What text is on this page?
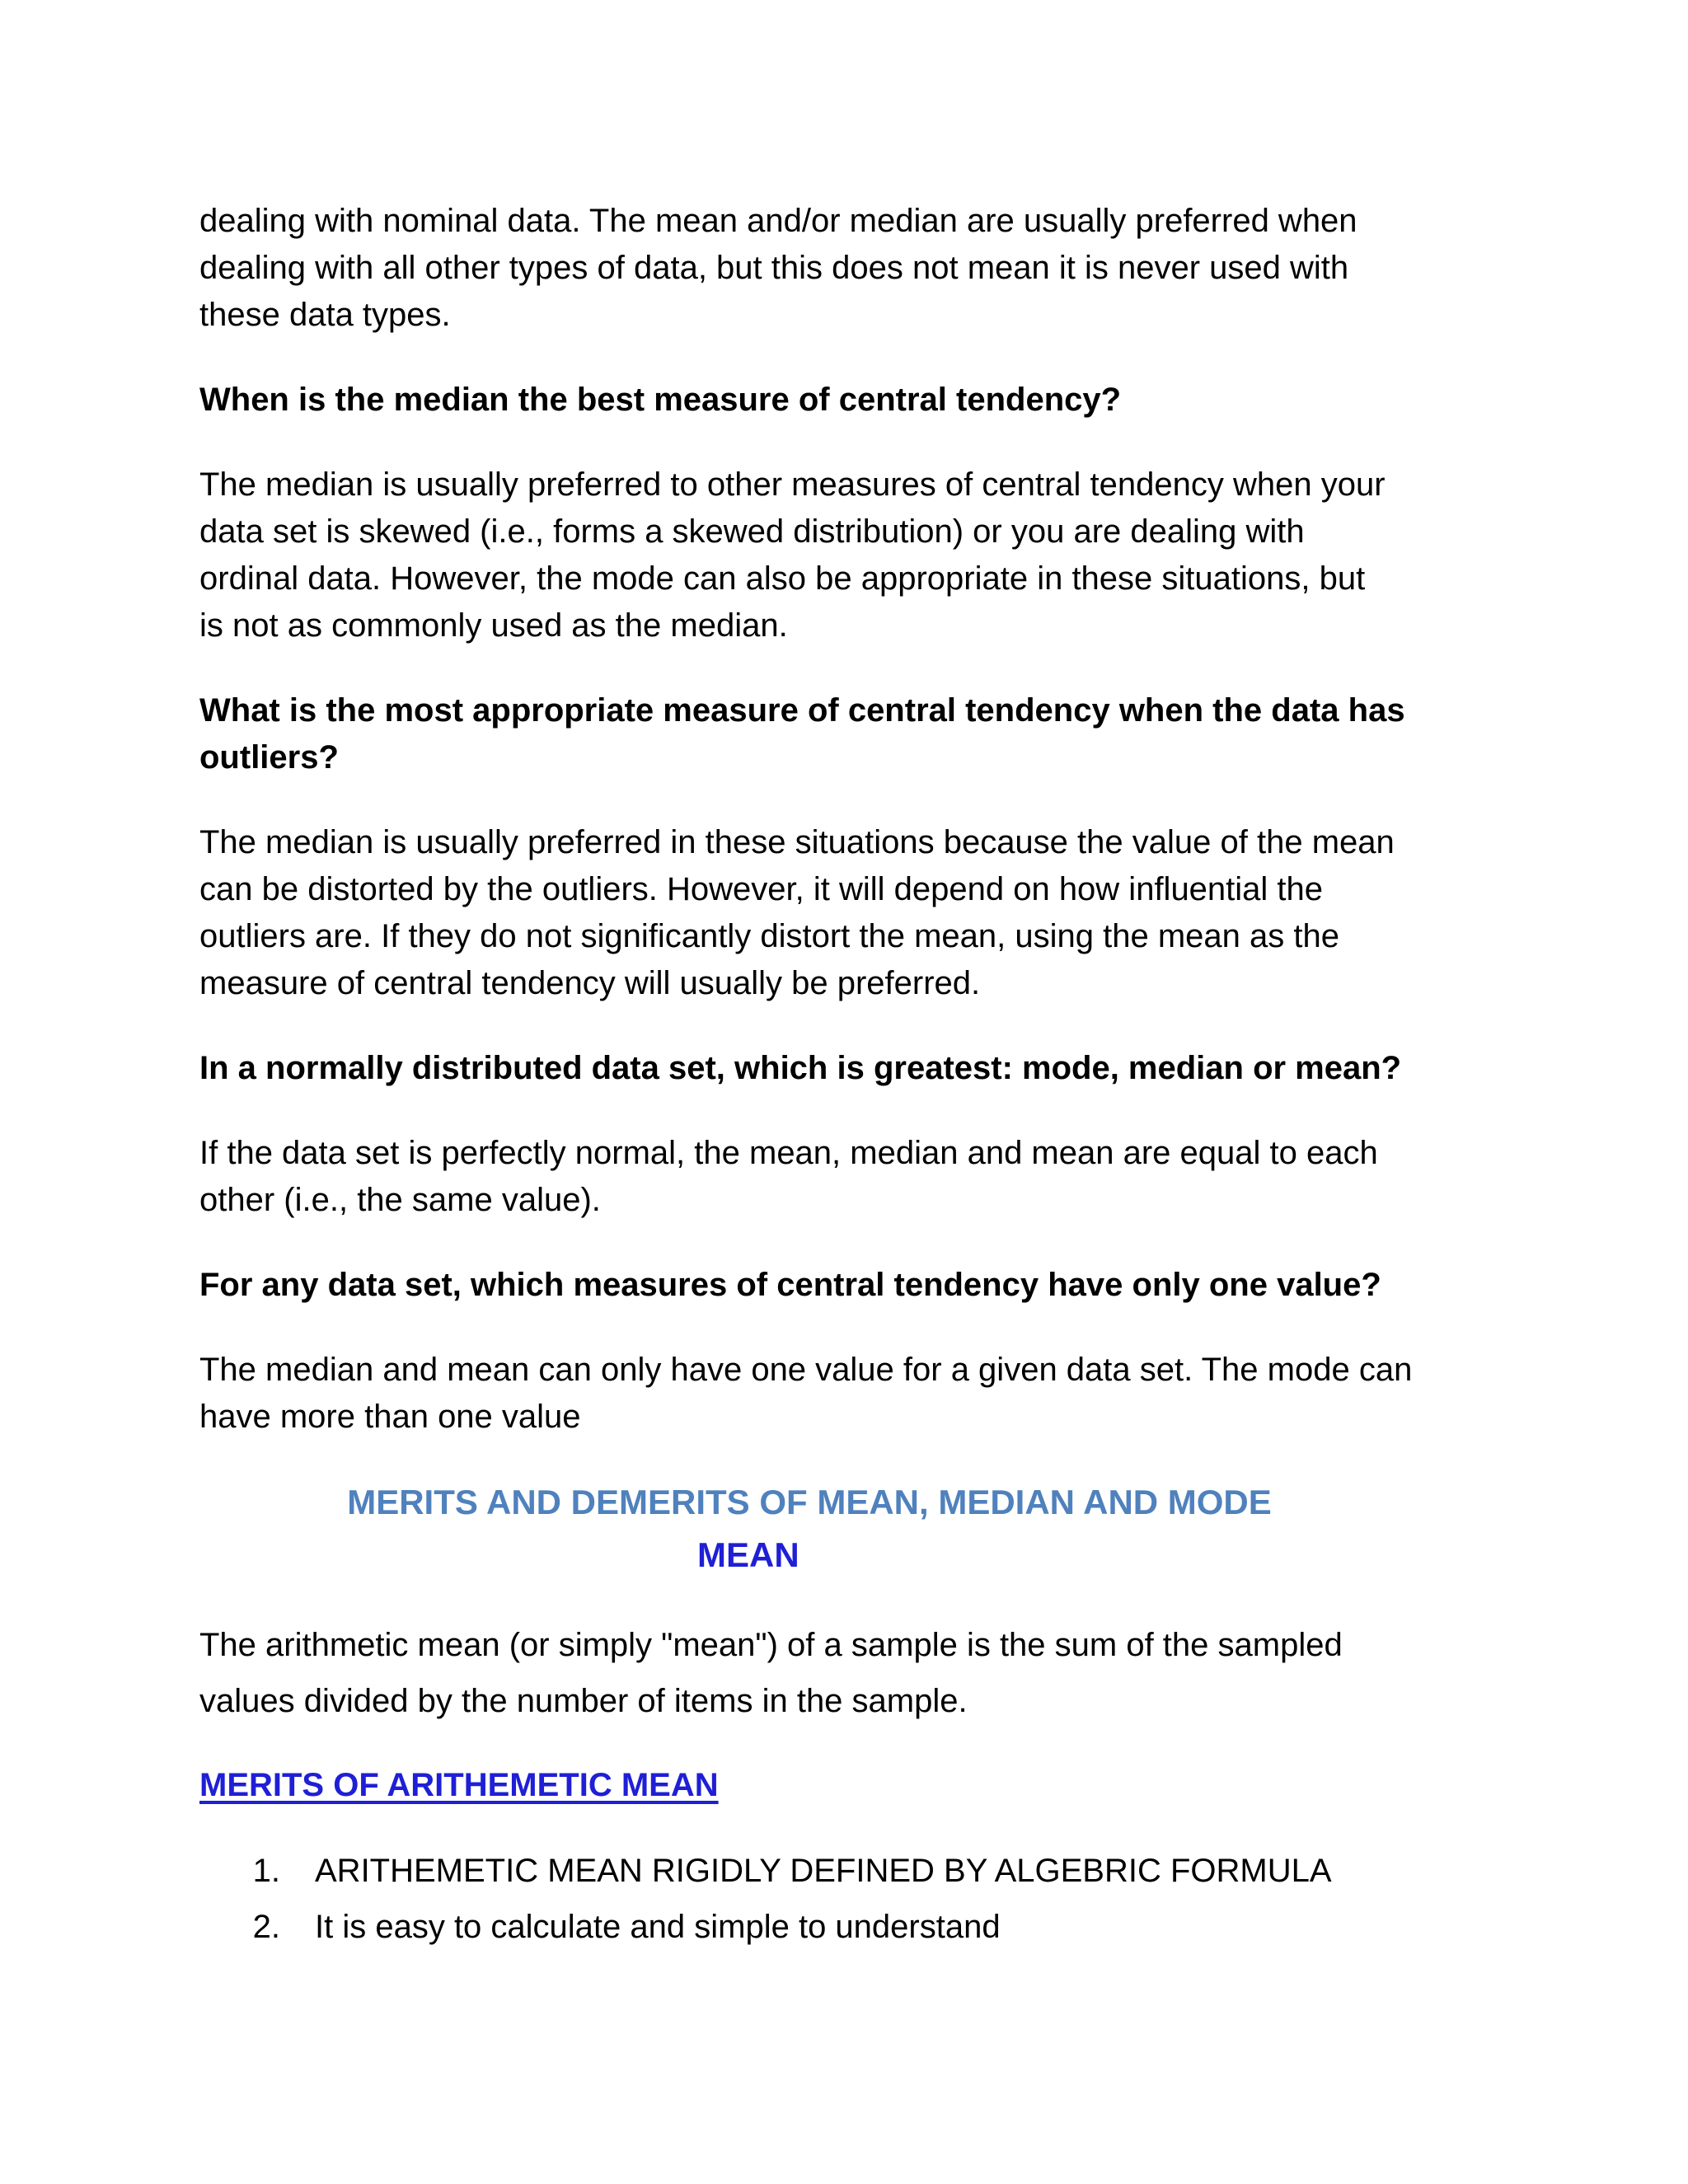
dealing with nominal data. The mean and/or median are usually preferred when

dealing with all other types of data, but this does not mean it is never used with

these data types.

When is the median the best measure of central tendency?

The median is usually preferred to other measures of central tendency when your

data set is skewed (i.e., forms a skewed distribution) or you are dealing with

ordinal data. However, the mode can also be appropriate in these situations, but

is not as commonly used as the median.

What is the most appropriate measure of central tendency when the data has

outliers?

The median is usually preferred in these situations because the value of the mean

can be distorted by the outliers. However, it will depend on how influential the

outliers are. If they do not significantly distort the mean, using the mean as the

measure of central tendency will usually be preferred.

In a normally distributed data set, which is greatest: mode, median or mean?

If the data set is perfectly normal, the mean, median and mean are equal to each

other (i.e., the same value).

For any data set, which measures of central tendency have only one value?

The median and mean can only have one value for a given data set. The mode can

have more than one value

MERITS AND DEMERITS OF MEAN, MEDIAN AND MODE

MEAN

The arithmetic mean (or simply "mean") of a sample is the sum of the sampled

values divided by the number of items in the sample.

MERITS OF ARITHEMETIC MEAN

1.	ARITHEMETIC MEAN RIGIDLY DEFINED BY ALGEBRIC FORMULA
2.	It is easy to calculate and simple to understand
